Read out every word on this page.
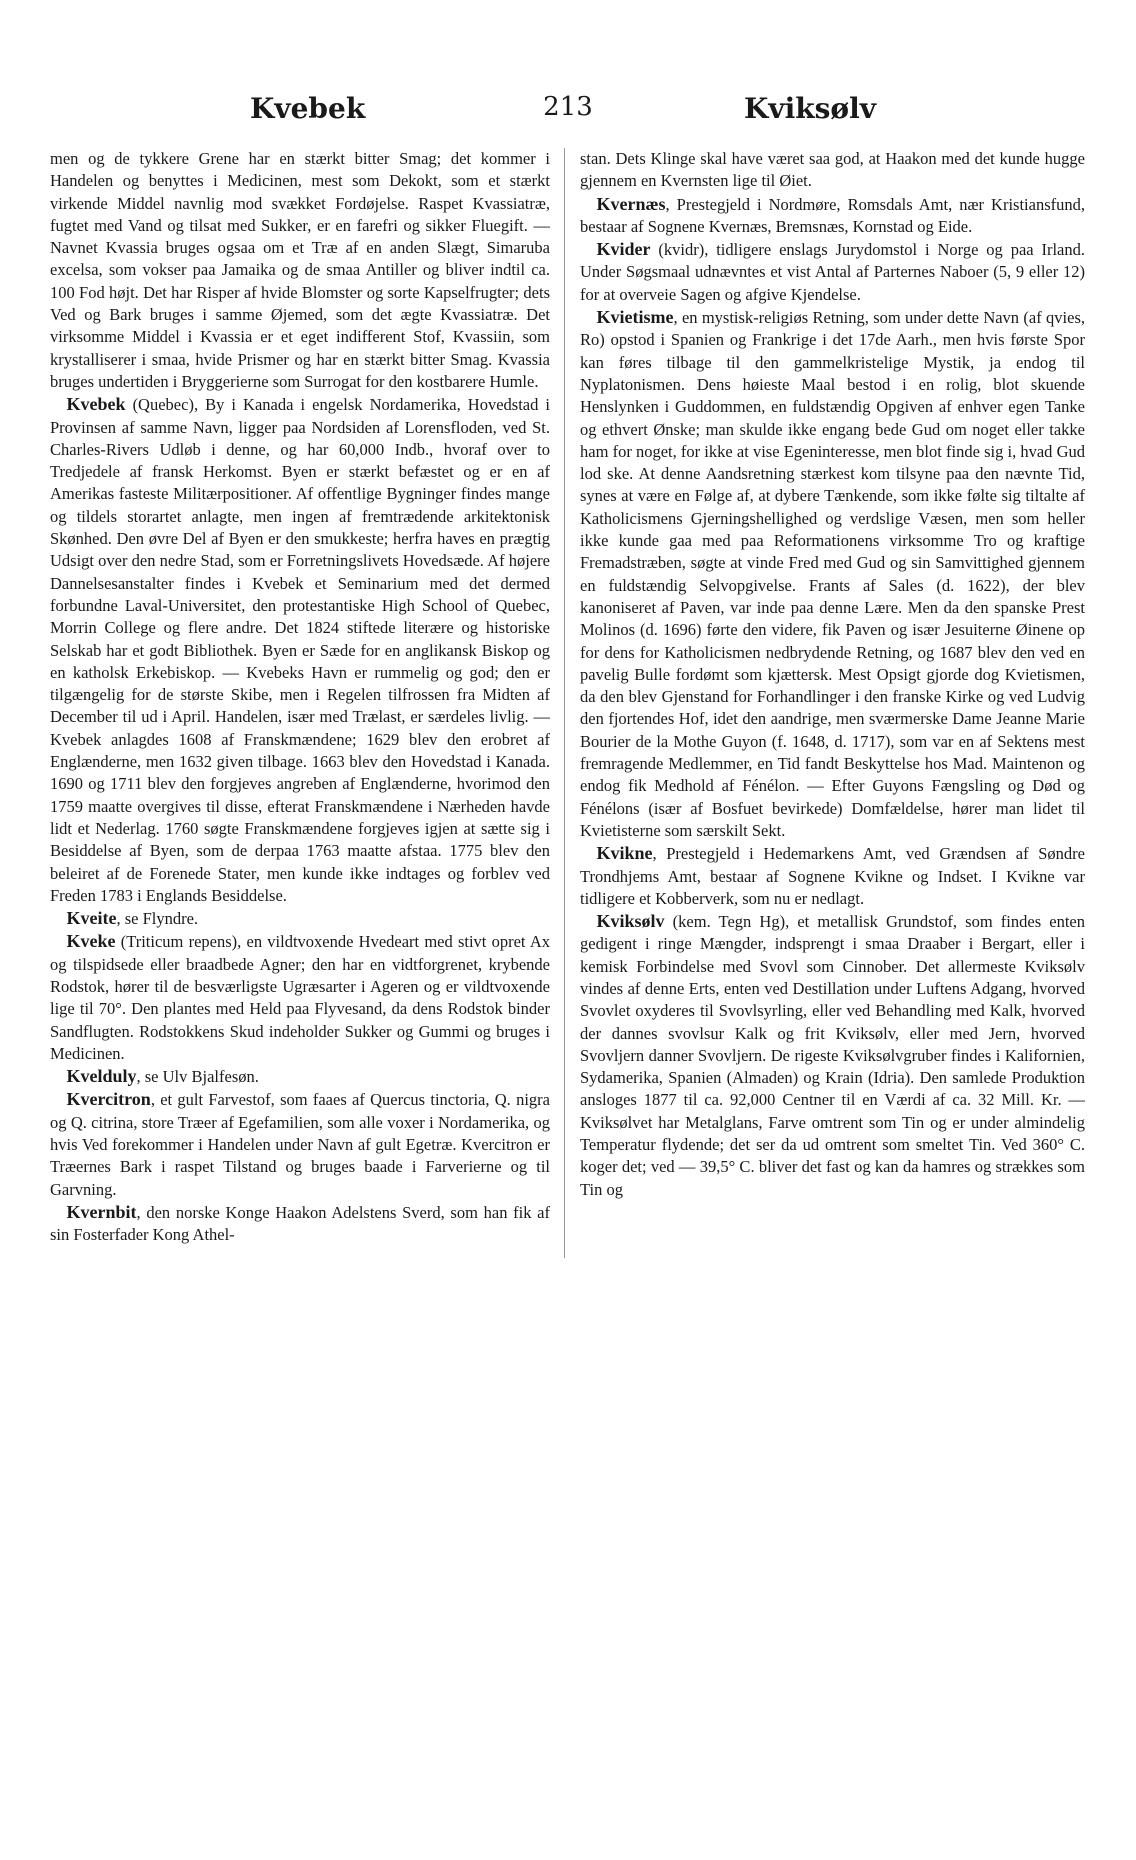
Kvebek	213	Kviksølv

men og de tykkere Grene har en stærkt bitter Smag; det kommer i Handelen og benyttes i Medicinen, mest som Dekokt, som et stærkt virkende Middel navnlig mod svækket Fordøjelse. Raspet Kvassiatræ, fugtet med Vand og tilsat med Sukker, er en farefri og sikker Fluegift. — Navnet Kvassia bruges ogsaa om et Træ af en anden Slægt, Simaruba excelsa, som vokser paa Jamaika og de smaa Antiller og bliver indtil ca. 100 Fod højt. Det har Risper af hvide Blomster og sorte Kapselfrugter; dets Ved og Bark bruges i samme Øjemed, som det ægte Kvassiatræ. Det virksomme Middel i Kvassia er et eget indifferent Stof, Kvassiin, som krystalliserer i smaa, hvide Prismer og har en stærkt bitter Smag. Kvassia bruges undertiden i Bryggerierne som Surrogat for den kostbarere Humle.

 Kvebek (Quebec), By i Kanada i engelsk Nordamerika, Hovedstad i Provinsen af samme Navn, ligger paa Nordsiden af Lorensfloden, ved St. Charles-Rivers Udløb i denne, og har 60,000 Indb., hvoraf over to Tredjedele af fransk Herkomst. Byen er stærkt befæstet og er en af Amerikas fasteste Militærpositioner. Af offentlige Bygninger findes mange og tildels storartet anlagte, men ingen af fremtrædende arkitektonisk Skønhed. Den øvre Del af Byen er den smukkeste; herfra haves en prægtig Udsigt over den nedre Stad, som er Forretningslivets Hovedsæde. Af højere Dannelsesanstalter findes i Kvebek et Seminarium med det dermed forbundne Laval-Universitet, den protestantiske High School of Quebec, Morrin College og flere andre. Det 1824 stiftede literære og historiske Selskab har et godt Bibliothek. Byen er Sæde for en anglikansk Biskop og en katholsk Erkebiskop. — Kvebeks Havn er rummelig og god; den er tilgængelig for de største Skibe, men i Regelen tilfrossen fra Midten af December til ud i April. Handelen, især med Trælast, er særdeles livlig. — Kvebek anlagdes 1608 af Franskmændene; 1629 blev den erobret af Englænderne, men 1632 given tilbage. 1663 blev den Hovedstad i Kanada. 1690 og 1711 blev den forgjeves angreben af Englænderne, hvorimod den 1759 maatte overgives til disse, efterat Franskmændene i Nærheden havde lidt et Nederlag. 1760 søgte Franskmændene forgjeves igjen at sætte sig i Besiddelse af Byen, som de derpaa 1763 maatte afstaa. 1775 blev den beleiret af de Forenede Stater, men kunde ikke indtages og forblev ved Freden 1783 i Englands Besiddelse.

 Kveite, se Flyndre.

 Kveke (Triticum repens), en vildtvoxende Hvedeart med stivt opret Ax og tilspidsede eller braadbede Agner; den har en vidtforgrenet, krybende Rodstok, hører til de besværligste Ugræsarter i Ageren og er vildtvoxende lige til 70°. Den plantes med Held paa Flyvesand, da dens Rodstok binder Sandflugten. Rodstokkens Skud indeholder Sukker og Gummi og bruges i Medicinen.

 Kvelduly, se Ulv Bjalfesøn.

 Kvercitron, et gult Farvestof, som faaes af Quercus tinctoria, Q. nigra og Q. citrina, store Træer af Egefamilien, som alle voxer i Nordamerika, og hvis Ved forekommer i Handelen under Navn af gult Egetræ. Kvercitron er Træernes Bark i raspet Tilstand og bruges baade i Farverierne og til Garvning.

 Kvernbit, den norske Konge Haakon Adelstens Sverd, som han fik af sin Fosterfader Kong Athel-

stan. Dets Klinge skal have været saa god, at Haakon med det kunde hugge gjennem en Kvernsten lige til Øiet.

 Kvernæs, Prestegjeld i Nordmøre, Romsdals Amt, nær Kristiansfund, bestaar af Sognene Kvernæs, Bremsnæs, Kornstad og Eide.

 Kvider (kvidr), tidligere enslags Jurydomstol i Norge og paa Irland. Under Søgsmaal udnævntes et vist Antal af Parternes Naboer (5, 9 eller 12) for at overveie Sagen og afgive Kjendelse.

 Kvietisme, en mystisk-religiøs Retning, som under dette Navn (af qvies, Ro) opstod i Spanien og Frankrige i det 17de Aarh., men hvis første Spor kan føres tilbage til den gammelkristelige Mystik, ja endog til Nyplatonismen. Dens høieste Maal bestod i en rolig, blot skuende Henslynken i Guddommen, en fuldstændig Opgiven af enhver egen Tanke og ethvert Ønske; man skulde ikke engang bede Gud om noget eller takke ham for noget, for ikke at vise Egeninteresse, men blot finde sig i, hvad Gud lod ske. At denne Aandsretning stærkest kom tilsyne paa den nævnte Tid, synes at være en Følge af, at dybere Tænkende, som ikke følte sig tiltalte af Katholicismens Gjerningshellighed og verdslige Væsen, men som heller ikke kunde gaa med paa Reformationens virksomme Tro og kraftige Fremadstræben, søgte at vinde Fred med Gud og sin Samvittighed gjennem en fuldstændig Selvopgivelse. Frants af Sales (d. 1622), der blev kanoniseret af Paven, var inde paa denne Lære. Men da den spanske Prest Molinos (d. 1696) førte den videre, fik Paven og især Jesuiterne Øinene op for dens for Katholicismen nedbrydende Retning, og 1687 blev den ved en pavelig Bulle fordømt som kjættersk. Mest Opsigt gjorde dog Kvietismen, da den blev Gjenstand for Forhandlinger i den franske Kirke og ved Ludvig den fjortendes Hof, idet den aandrige, men sværmerske Dame Jeanne Marie Bourier de la Mothe Guyon (f. 1648, d. 1717), som var en af Sektens mest fremragende Medlemmer, en Tid fandt Beskyttelse hos Mad. Maintenon og endog fik Medhold af Fénélon. — Efter Guyons Fængsling og Død og Fénélons (især af Bosfuet bevirkede) Domfældelse, hører man lidet til Kvietisterne som særskilt Sekt.

 Kvikne, Prestegjeld i Hedemarkens Amt, ved Grændsen af Søndre Trondhjems Amt, bestaar af Sognene Kvikne og Indset. I Kvikne var tidligere et Kobberverk, som nu er nedlagt.

 Kviksølv (kem. Tegn Hg), et metallisk Grundstof, som findes enten gedigent i ringe Mængder, indsprengt i smaa Draaber i Bergart, eller i kemisk Forbindelse med Svovl som Cinnober. Det allermeste Kviksølv vindes af denne Erts, enten ved Destillation under Luftens Adgang, hvorved Svovlet oxyderes til Svovlsyrling, eller ved Behandling med Kalk, hvorved der dannes svovlsur Kalk og frit Kviksølv, eller med Jern, hvorved Svovljern danner Svovljern. De rigeste Kviksølvgruber findes i Kalifornien, Sydamerika, Spanien (Almaden) og Krain (Idria). Den samlede Produktion ansloges 1877 til ca. 92,000 Centner til en Værdi af ca. 32 Mill. Kr. — Kviksølvet har Metalglans, Farve omtrent som Tin og er under almindelig Temperatur flydende; det ser da ud omtrent som smeltet Tin. Ved 360° C. koger det; ved — 39,5° C. bliver det fast og kan da hamres og strækkes som Tin og
